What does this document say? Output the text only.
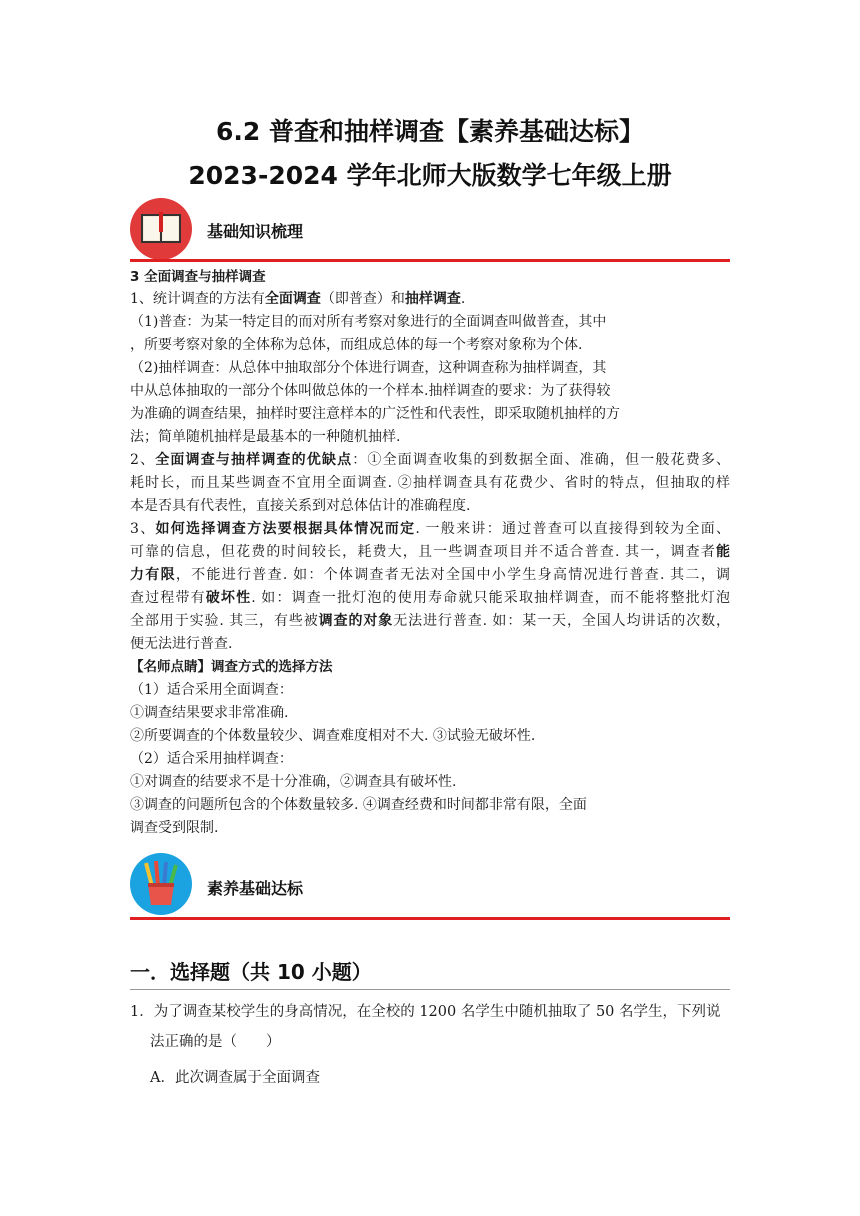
6.2 普查和抽样调查【素养基础达标】
2023-2024 学年北师大版数学七年级上册
基础知识梳理
3 全面调查与抽样调查
1、统计调查的方法有全面调查（即普查）和抽样调查.
（1)普查：为某一特定目的而对所有考察对象进行的全面调查叫做普查，其中
，所要考察对象的全体称为总体，而组成总体的每一个考察对象称为个体.
（2)抽样调查：从总体中抽取部分个体进行调查，这种调查称为抽样调查，其
中从总体抽取的一部分个体叫做总体的一个样本.抽样调查的要求：为了获得较
为准确的调查结果，抽样时要注意样本的广泛性和代表性，即采取随机抽样的方
法；简单随机抽样是最基本的一种随机抽样.
2、全面调查与抽样调查的优缺点：①全面调查收集的到数据全面、准确，但一般花费多、
耗时长，而且某些调查不宜用全面调查. ②抽样调查具有花费少、省时的特点，但抽取的样
本是否具有代表性，直接关系到对总体估计的准确程度.
3、如何选择调查方法要根据具体情况而定. 一般来讲：通过普查可以直接得到较为全面、
可靠的信息，但花费的时间较长，耗费大，且一些调查项目并不适合普查. 其一，调查者能
力有限，不能进行普查. 如：个体调查者无法对全国中小学生身高情况进行普查. 其二，调
查过程带有破坏性. 如：调查一批灯泡的使用寿命就只能采取抽样调查，而不能将整批灯泡
全部用于实验. 其三，有些被调查的对象无法进行普查. 如：某一天，全国人均讲话的次数，
便无法进行普查.
【名师点睛】调查方式的选择方法
（1）适合采用全面调查：
①调查结果要求非常准确.
②所要调查的个体数量较少、调查难度相对不大. ③试验无破坏性.
（2）适合采用抽样调查：
①对调查的结要求不是十分准确，②调查具有破坏性.
③调查的问题所包含的个体数量较多. ④调查经费和时间都非常有限，全面
调查受到限制.
素养基础达标
一．选择题（共 10 小题）
1．为了调查某校学生的身高情况，在全校的 1200 名学生中随机抽取了 50 名学生，下列说
法正确的是（　　）
A．此次调查属于全面调查
